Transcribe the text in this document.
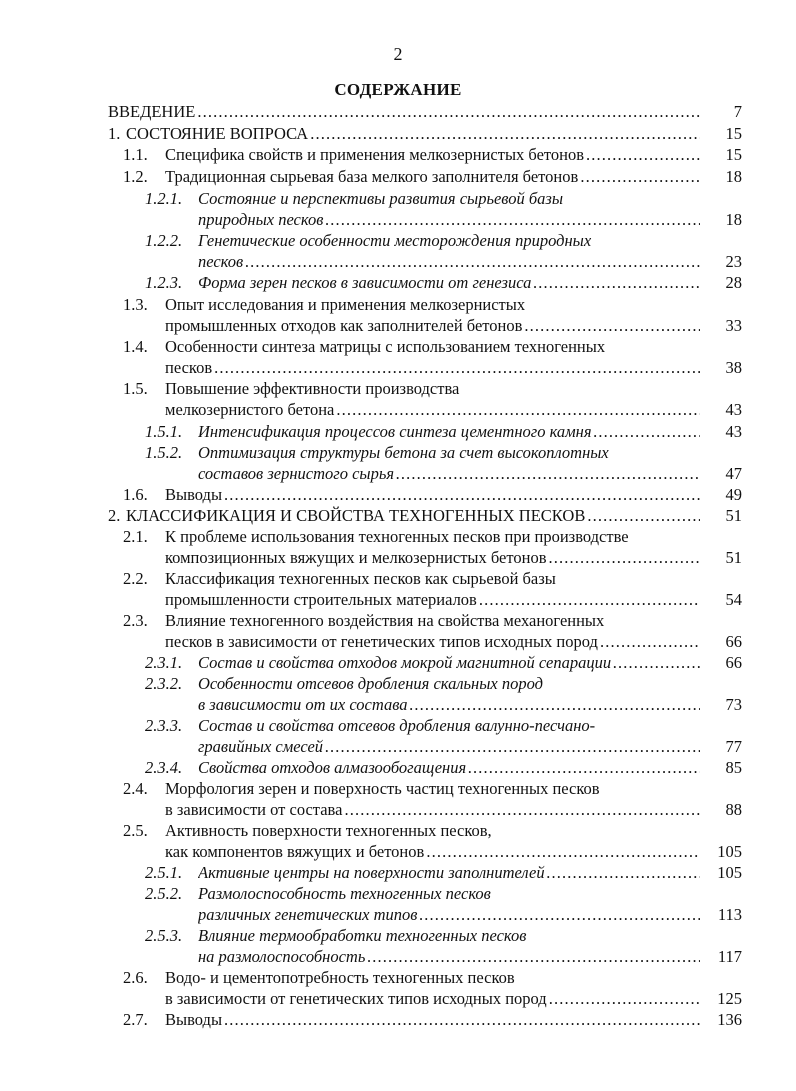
2
СОДЕРЖАНИЕ
ВВЕДЕНИЕ . . .	7
1. СОСТОЯНИЕ ВОПРОСА . . .	15
1.1. Специфика свойств и применения мелкозернистых бетонов . . .	15
1.2. Традиционная сырьевая база мелкого заполнителя бетонов . . .	18
1.2.1. Состояние и перспективы развития сырьевой базы
природных песков . . .	18
1.2.2. Генетические особенности месторождения природных
песков . . .	23
1.2.3. Форма зерен песков в зависимости от генезиса . . .	28
1.3. Опыт исследования и применения мелкозернистых
промышленных отходов как заполнителей бетонов . . .	33
1.4. Особенности синтеза матрицы с использованием техногенных
песков . . .	38
1.5. Повышение эффективности производства
мелкозернистого бетона . . .	43
1.5.1. Интенсификация процессов синтеза цементного камня . . .	43
1.5.2. Оптимизация структуры бетона за счет высокоплотных
составов зернистого сырья . . .	47
1.6. Выводы . . .	49
2. КЛАССИФИКАЦИЯ И СВОЙСТВА ТЕХНОГЕННЫХ ПЕСКОВ . . .	51
2.1. К проблеме использования техногенных песков при производстве
композиционных вяжущих и мелкозернистых бетонов . . .	51
2.2. Классификация техногенных песков как сырьевой базы
промышленности строительных материалов . . .	54
2.3. Влияние техногенного воздействия на свойства механогенных
песков в зависимости от генетических типов исходных пород . . .	66
2.3.1. Состав и свойства отходов мокрой магнитной сепарации . . .	66
2.3.2. Особенности отсевов дробления скальных пород
в зависимости от их состава . . .	73
2.3.3. Состав и свойства отсевов дробления валунно-песчано-
гравийных смесей . . .	77
2.3.4. Свойства отходов алмазообогащения . . .	85
2.4. Морфология зерен и поверхность частиц техногенных песков
в зависимости от состава . . .	88
2.5. Активность поверхности техногенных песков,
как компонентов вяжущих и бетонов . . .	105
2.5.1. Активные центры на поверхности заполнителей . . .	105
2.5.2. Размолоспособность техногенных песков
различных генетических типов . . .	113
2.5.3. Влияние термообработки техногенных песков
на размолоспособность . . .	117
2.6. Водо- и цементопотребность техногенных песков
в зависимости от генетических типов исходных пород . . .	125
2.7. Выводы . . .	136
